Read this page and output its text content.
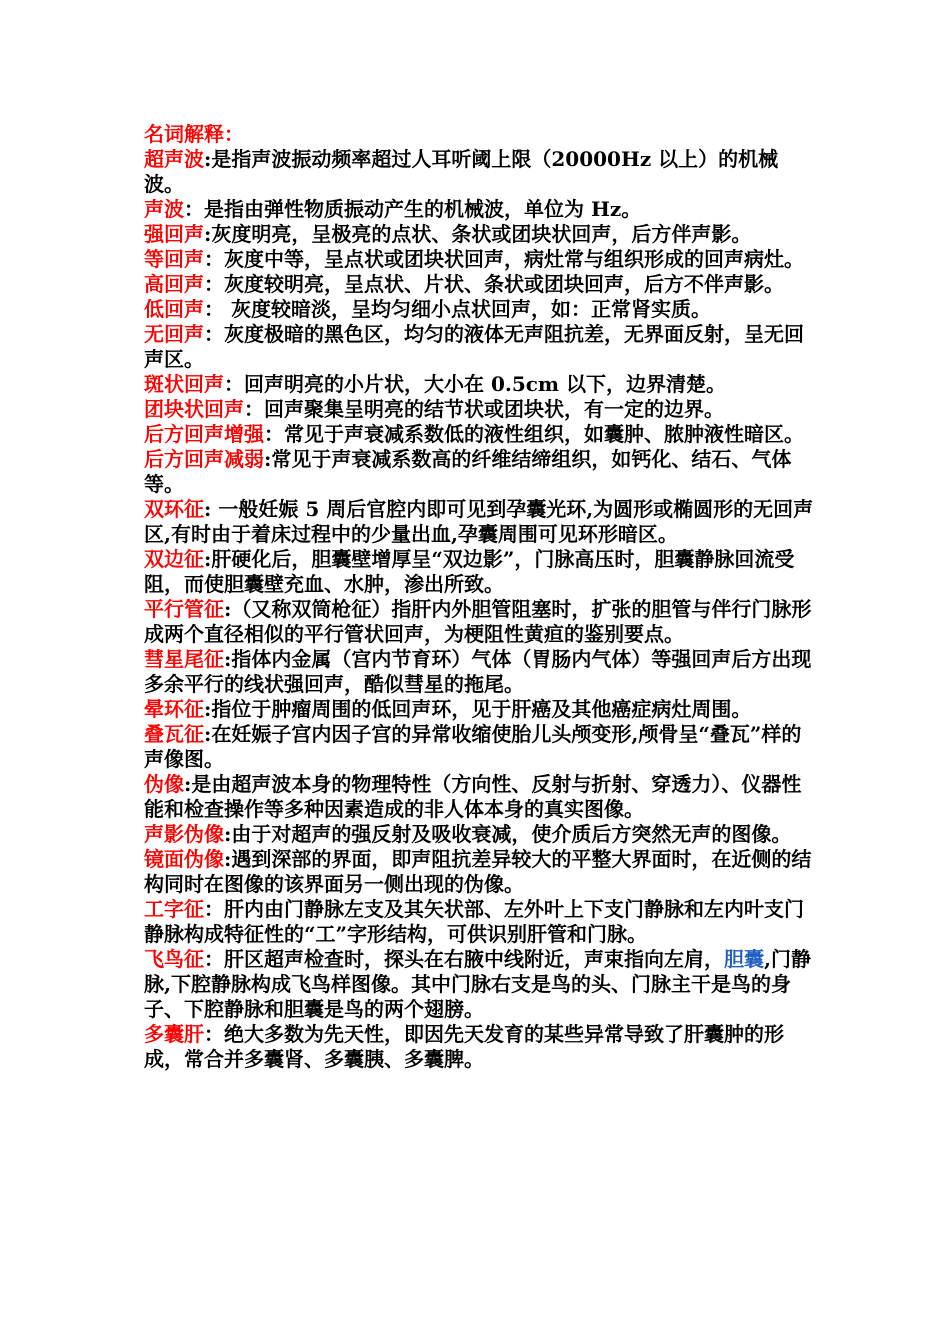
名词解释：

超声波:是指声波振动频率超过人耳听阈上限（20000Hz 以上）的机械波。

声波：是指由弹性物质振动产生的机械波，单位为 Hz。

强回声:灰度明亮，呈极亮的点状、条状或团块状回声，后方伴声影。

等回声：灰度中等，呈点状或团块状回声，病灶常与组织形成的回声病灶。

高回声：灰度较明亮，呈点状、片状、条状或团块回声，后方不伴声影。

低回声： 灰度较暗淡，呈均匀细小点状回声，如：正常肾实质。

无回声：灰度极暗的黑色区，均匀的液体无声阻抗差，无界面反射，呈无回声区。

斑状回声：回声明亮的小片状，大小在 0.5cm 以下，边界清楚。

团块状回声：回声聚集呈明亮的结节状或团块状，有一定的边界。

后方回声增强：常见于声衰减系数低的液性组织，如囊肿、脓肿液性暗区。

后方回声减弱:常见于声衰减系数高的纤维结缔组织，如钙化、结石、气体等。

双环征: 一般妊娠 5 周后官腔内即可见到孕囊光环,为圆形或椭圆形的无回声区,有时由于着床过程中的少量出血,孕囊周围可见环形暗区。

双边征:肝硬化后，胆囊壁增厚呈“双边影”，门脉高压时，胆囊静脉回流受阻，而使胆囊壁充血、水肿，渗出所致。

平行管征:（又称双筒枪征）指肝内外胆管阻塞时，扩张的胆管与伴行门脉形成两个直径相似的平行管状回声，为梗阻性黄疸的鉴别要点。

彗星尾征:指体内金属（宫内节育环）气体（胃肠内气体）等强回声后方出现多余平行的线状强回声，酷似彗星的拖尾。

晕环征:指位于肿瘤周围的低回声环，见于肝癌及其他癌症病灶周围。

叠瓦征:在妊娠子宫内因子宫的异常收缩使胎儿头颅变形,颅骨呈“叠瓦”样的声像图。

伪像:是由超声波本身的物理特性（方向性、反射与折射、穿透力）、仪器性能和检查操作等多种因素造成的非人体本身的真实图像。

声影伪像:由于对超声的强反射及吸收衰减，使介质后方突然无声的图像。

镜面伪像:遇到深部的界面，即声阻抗差异较大的平整大界面时，在近侧的结构同时在图像的该界面另一侧出现的伪像。

工字征：肝内由门静脉左支及其矢状部、左外叶上下支门静脉和左内叶支门静脉构成特征性的“工”字形结构，可供识别肝管和门脉。

飞鸟征：肝区超声检查时，探头在右腋中线附近，声束指向左肩，胆囊,门静脉,下腔静脉构成飞鸟样图像。其中门脉右支是鸟的头、门脉主干是鸟的身子、下腔静脉和胆囊是鸟的两个翅膀。

多囊肝：绝大多数为先天性，即因先天发育的某些异常导致了肝囊肿的形成，常合并多囊肾、多囊胰、多囊脾。
